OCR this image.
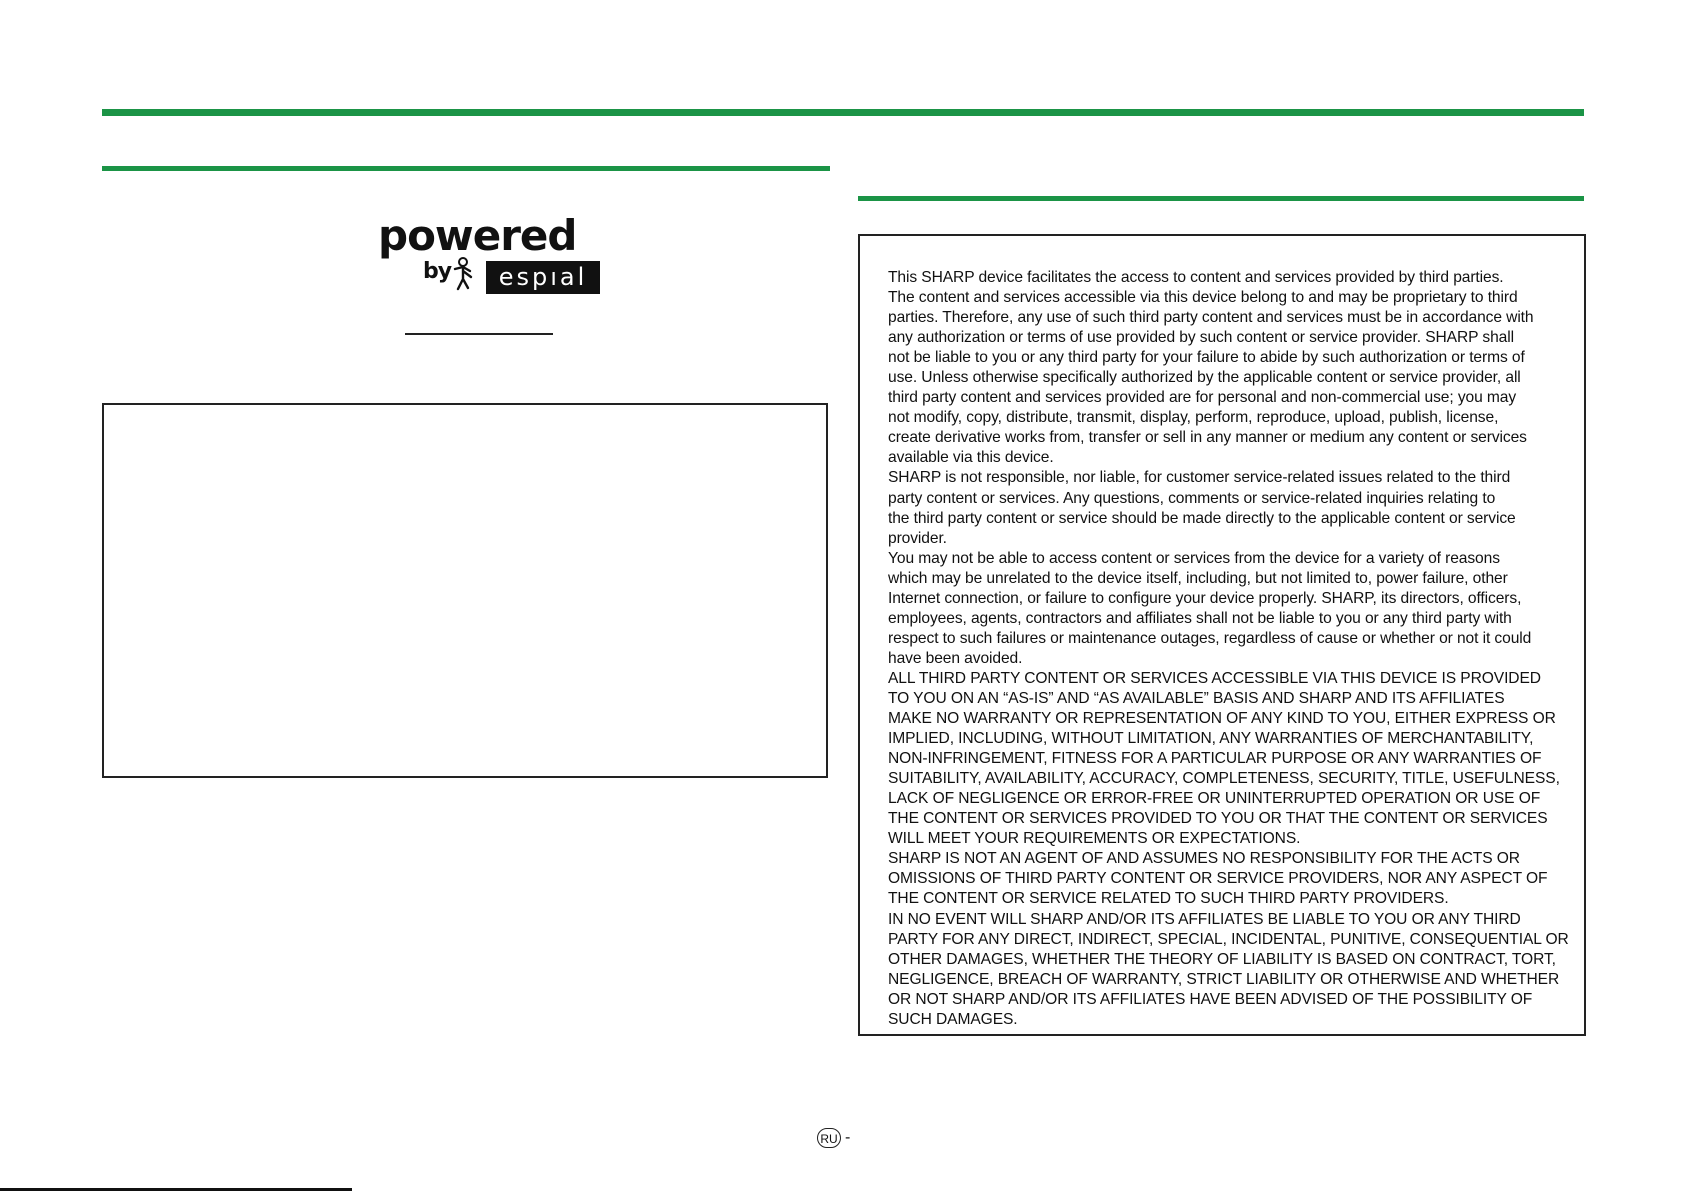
powered
by	espıal	This SHARP device facilitates the access to content and services provided by third parties.
The content and services accessible via this device belong to and may be proprietary to third
parties. Therefore, any use of such third party content and services must be in accordance with
any authorization or terms of use provided by such content or service provider. SHARP shall
not be liable to you or any third party for your failure to abide by such authorization or terms of
use. Unless otherwise specifically authorized by the applicable content or service provider, all
third party content and services provided are for personal and non-commercial use; you may
not modify, copy, distribute, transmit, display, perform, reproduce, upload, publish, license,
create derivative works from, transfer or sell in any manner or medium any content or services
available via this device.

SHARP is not responsible, nor liable, for customer service-related issues related to the third
party content or services. Any questions, comments or service-related inquiries relating to
the third party content or service should be made directly to the applicable content or service
provider.

You may not be able to access content or services from the device for a variety of reasons
which may be unrelated to the device itself, including, but not limited to, power failure, other
Internet connection, or failure to configure your device properly. SHARP, its directors, officers,
employees, agents, contractors and affiliates shall not be liable to you or any third party with
respect to such failures or maintenance outages, regardless of cause or whether or not it could
have been avoided.

ALL THIRD PARTY CONTENT OR SERVICES ACCESSIBLE VIA THIS DEVICE IS PROVIDED
TO YOU ON AN “AS-IS” AND “AS AVAILABLE” BASIS AND SHARP AND ITS AFFILIATES
MAKE NO WARRANTY OR REPRESENTATION OF ANY KIND TO YOU, EITHER EXPRESS OR
IMPLIED, INCLUDING, WITHOUT LIMITATION, ANY WARRANTIES OF MERCHANTABILITY,
NON-INFRINGEMENT, FITNESS FOR A PARTICULAR PURPOSE OR ANY WARRANTIES OF
SUITABILITY, AVAILABILITY, ACCURACY, COMPLETENESS, SECURITY, TITLE, USEFULNESS,
LACK OF NEGLIGENCE OR ERROR-FREE OR UNINTERRUPTED OPERATION OR USE OF
THE CONTENT OR SERVICES PROVIDED TO YOU OR THAT THE CONTENT OR SERVICES
WILL MEET YOUR REQUIREMENTS OR EXPECTATIONS.

SHARP IS NOT AN AGENT OF AND ASSUMES NO RESPONSIBILITY FOR THE ACTS OR
OMISSIONS OF THIRD PARTY CONTENT OR SERVICE PROVIDERS, NOR ANY ASPECT OF
THE CONTENT OR SERVICE RELATED TO SUCH THIRD PARTY PROVIDERS.

IN NO EVENT WILL SHARP AND/OR ITS AFFILIATES BE LIABLE TO YOU OR ANY THIRD
PARTY FOR ANY DIRECT, INDIRECT, SPECIAL, INCIDENTAL, PUNITIVE, CONSEQUENTIAL OR
OTHER DAMAGES, WHETHER THE THEORY OF LIABILITY IS BASED ON CONTRACT, TORT,
NEGLIGENCE, BREACH OF WARRANTY, STRICT LIABILITY OR OTHERWISE AND WHETHER
OR NOT SHARP AND/OR ITS AFFILIATES HAVE BEEN ADVISED OF THE POSSIBILITY OF
SUCH DAMAGES.

RU -
